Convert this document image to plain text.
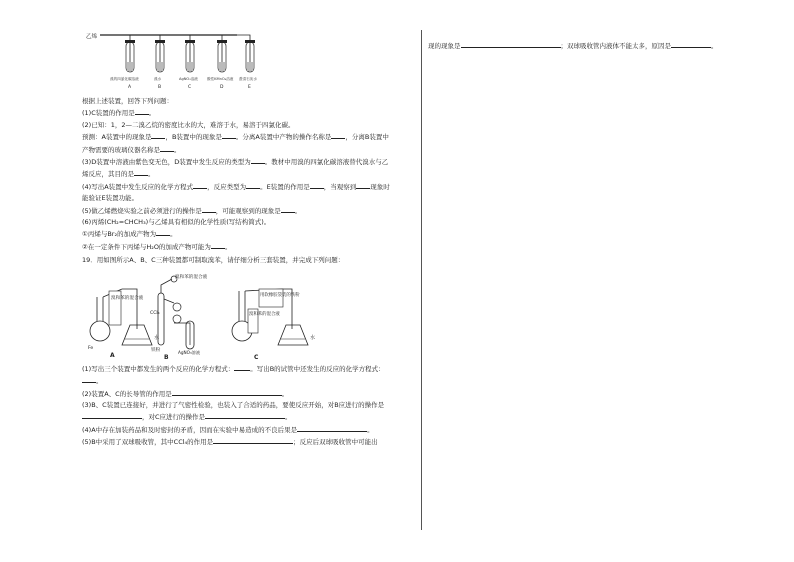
乙烯
溴的四氯化碳溶液	溴水	AgNO₃溶液	酸性KMnO₄溶液 澄清石灰水
A	B	C	D	E
根据上述装置，回答下列问题：
(1)C装置的作用是 。
(2)已知：1，2—二溴乙烷的密度比水的大，难溶于水，易溶于四氯化碳。
预测：A装置中的现象是 ，B装置中的现象是 。分离A装置中产物的操作名称是 ，分离B装置中
产物需要的玻璃仪器名称是 。
(3)D装置中溶液由紫色变无色，D装置中发生反应的类型为 。教材中用溴的四氯化碳溶液替代溴水与乙
烯反应，其目的是 。
(4)写出A装置中发生反应的化学方程式 ，反应类型为 。E装置的作用是 ，当观察到 现象时
能验证E装置功能。
(5)做乙烯燃烧实验之前必须进行的操作是 ，可能观察到的现象是 。
(6)丙烯(CH₂=CHCH₃)与乙烯具有相似的化学性质(写结构简式)。
①丙烯与Br₂的加成产物为 。
②在一定条件下丙烯与H₂O的加成产物可能为 。
19．用如图所示A、B、C三种装置都可制取溴苯，请仔细分析三套装置，并完成下列问题：
溴和苯的混合液
水
Fe
A
溴和苯的混合液
CCl₄
铁粉	AgNO₃溶液
B
用软橡胶袋装的铁粉
溴和苯的混合液
水
C
(1)写出三个装置中都发生的两个反应的化学方程式： 。写出B的试管中还发生的反应的化学方程式：
。
(2)装置A、C的长导管的作用是	。
(3)B、C装置已连接好，并进行了气密性检验，也装入了合适的药品，要使反应开始，对B应进行的操作是
，对C应进行的操作是	。
(4)A中存在加装药品和及时密封的矛盾，因而在实验中易造成的不良后果是	。
(5)B中采用了双球吸收管，其中CCl₄的作用是	；反应后双球吸收管中可能出
现的现象是	；双球吸收管内液体不能太多，原因是	。
